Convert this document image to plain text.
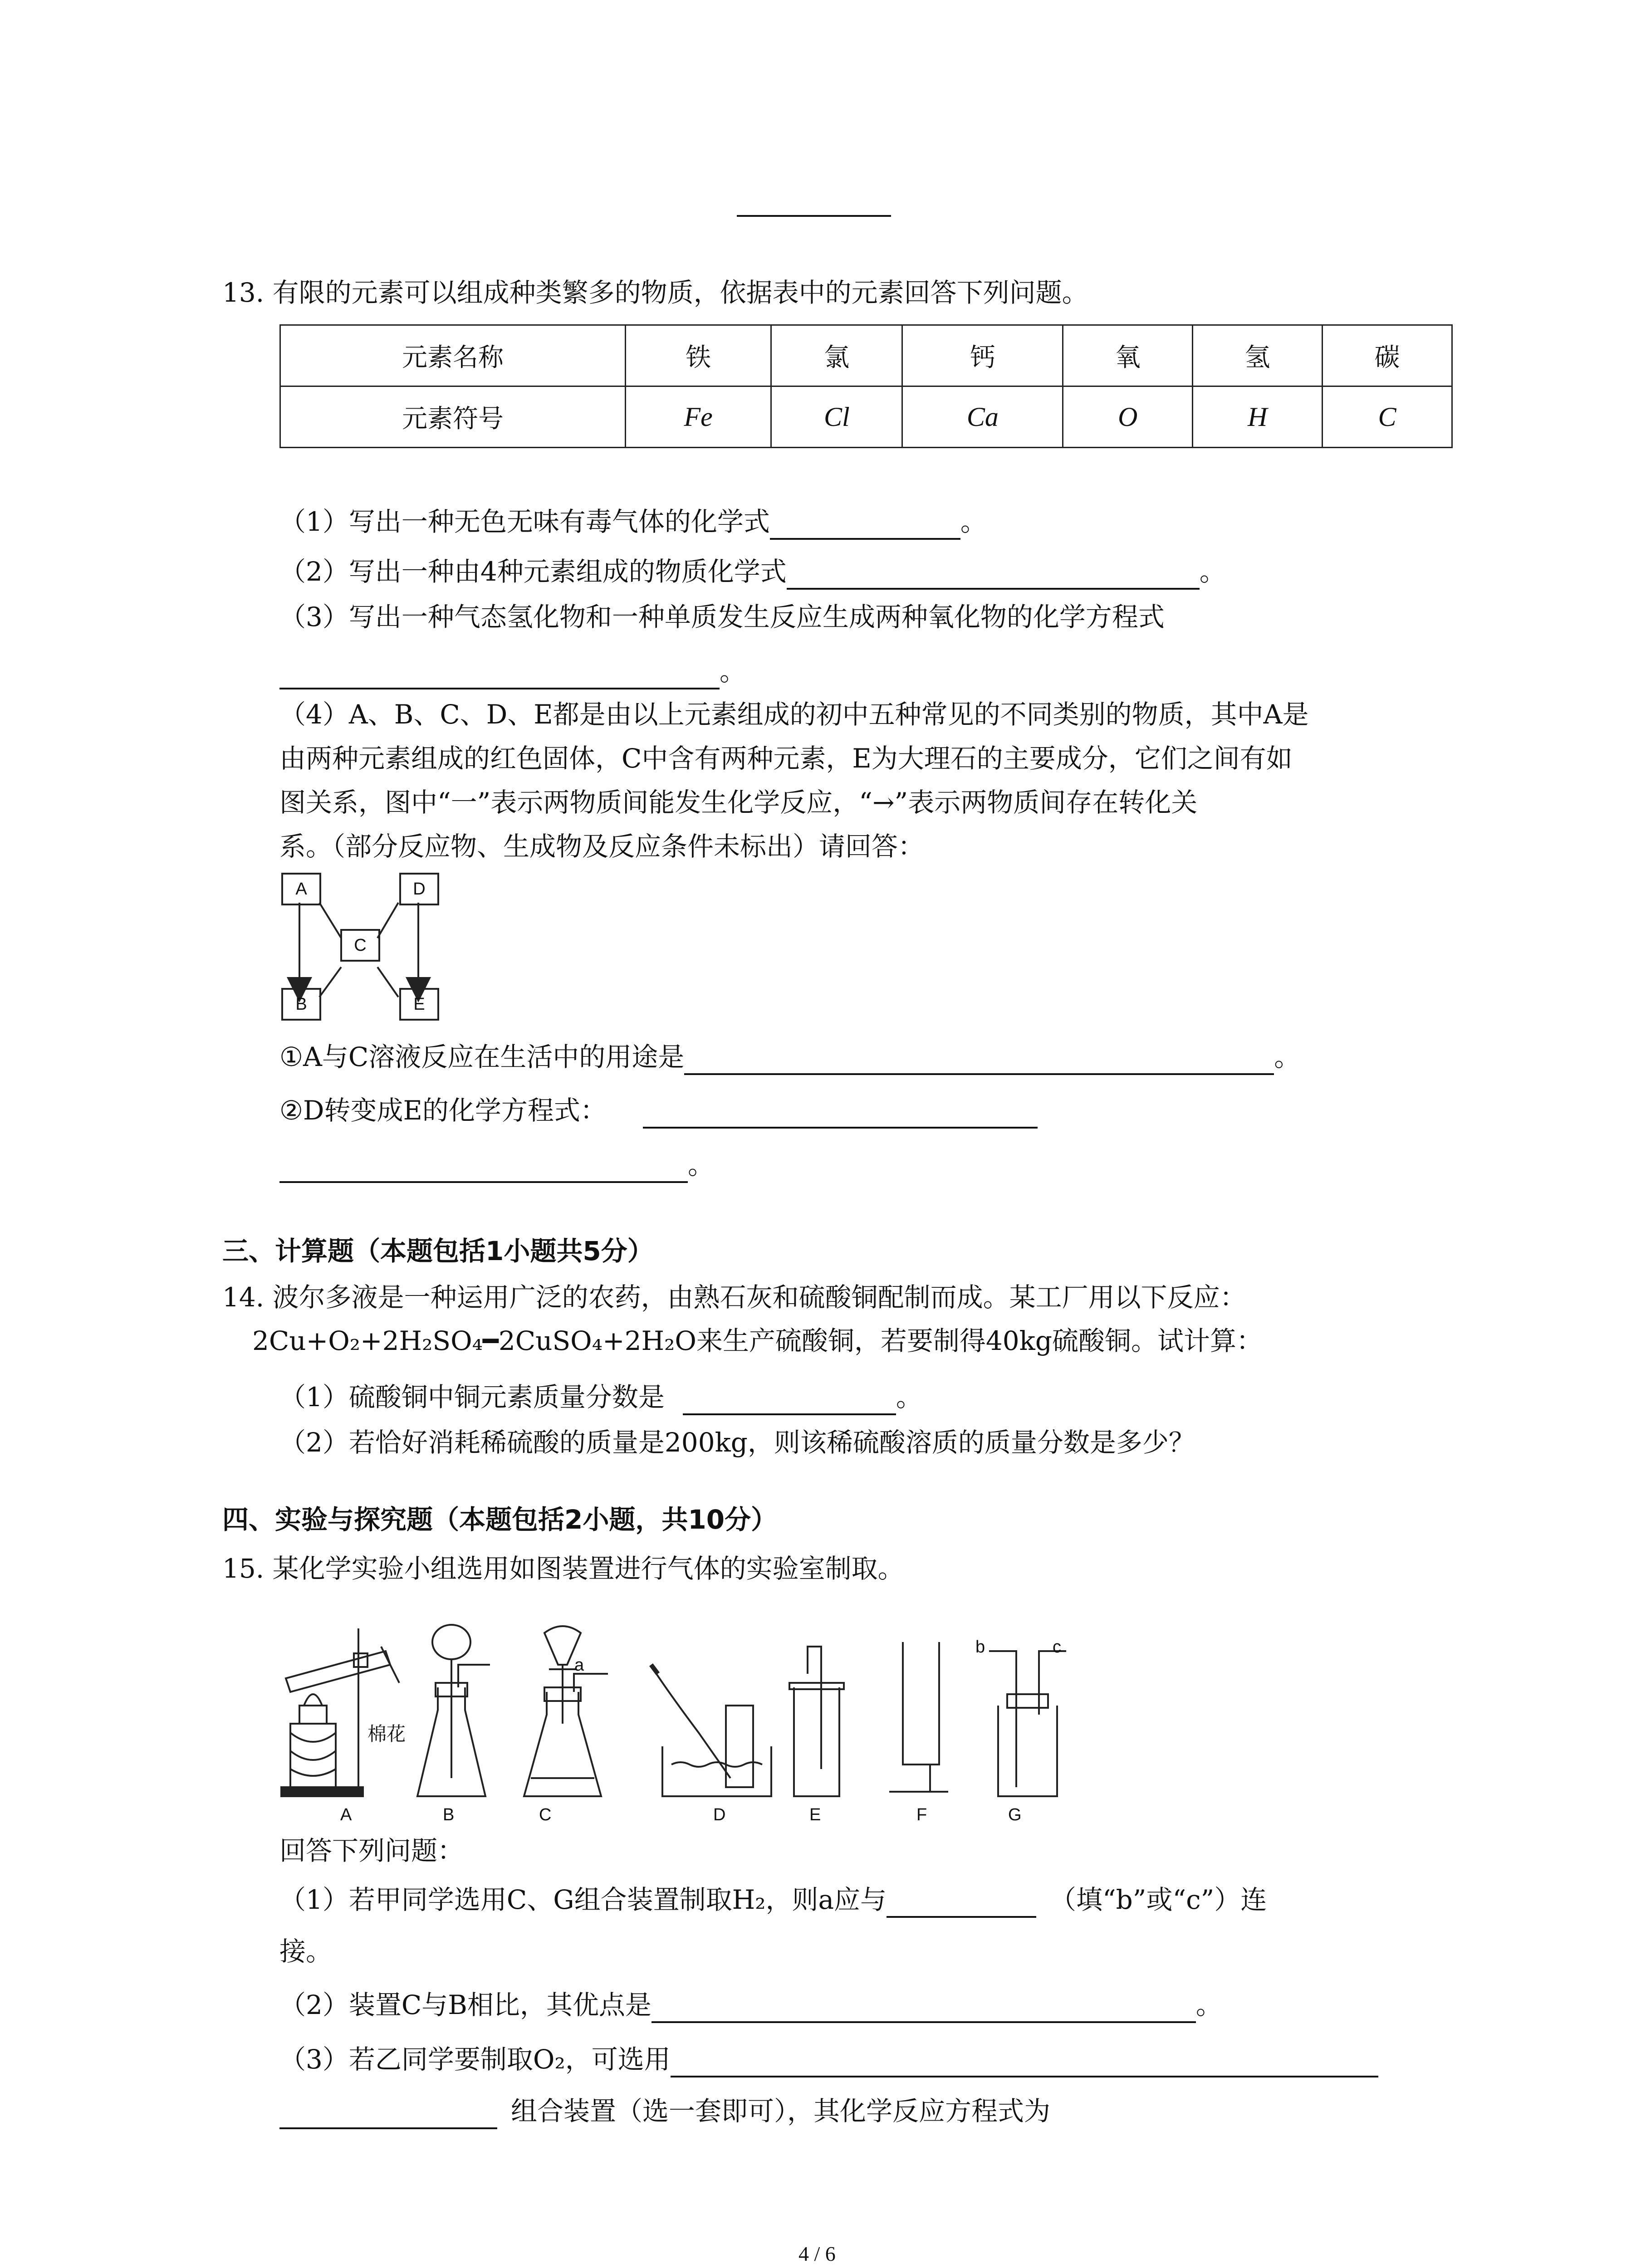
13. 有限的元素可以组成种类繁多的物质，依据表中的元素回答下列问题。
元素名称	铁	氯	钙	氧	氢	碳
元素符号	Fe	Cl	Ca	O	H	C
（1）写出一种无色无味有毒气体的化学式	。
（2）写出一种由4种元素组成的物质化学式	。
（3）写出一种气态氢化物和一种单质发生反应生成两种氧化物的化学方程式
。
（4）A、B、C、D、E都是由以上元素组成的初中五种常见的不同类别的物质，其中A是
由两种元素组成的红色固体，C中含有两种元素，E为大理石的主要成分，它们之间有如
图关系，图中“一”表示两物质间能发生化学反应，“→”表示两物质间存在转化关
系。（部分反应物、生成物及反应条件未标出）请回答：
A	D
C
B	E
①A与C溶液反应在生活中的用途是	。
②D转变成E的化学方程式：
。
三、计算题（本题包括1小题共5分）
14. 波尔多液是一种运用广泛的农药，由熟石灰和硫酸铜配制而成。某工厂用以下反应：
2Cu+O₂+2H₂SO₄━2CuSO₄+2H₂O来生产硫酸铜，若要制得40kg硫酸铜。试计算：
（1）硫酸铜中铜元素质量分数是	。
（2）若恰好消耗稀硫酸的质量是200kg，则该稀硫酸溶质的质量分数是多少？
四、实验与探究题（本题包括2小题，共10分）
15. 某化学实验小组选用如图装置进行气体的实验室制取。
棉花
a
b	c
A	B	C	D	E	F	G
回答下列问题：
（1）若甲同学选用C、G组合装置制取H₂，则a应与	（填“b”或“c”）连
接。
（2）装置C与B相比，其优点是	。
（3）若乙同学要制取O₂，可选用
组合装置（选一套即可），其化学反应方程式为
4 / 6
